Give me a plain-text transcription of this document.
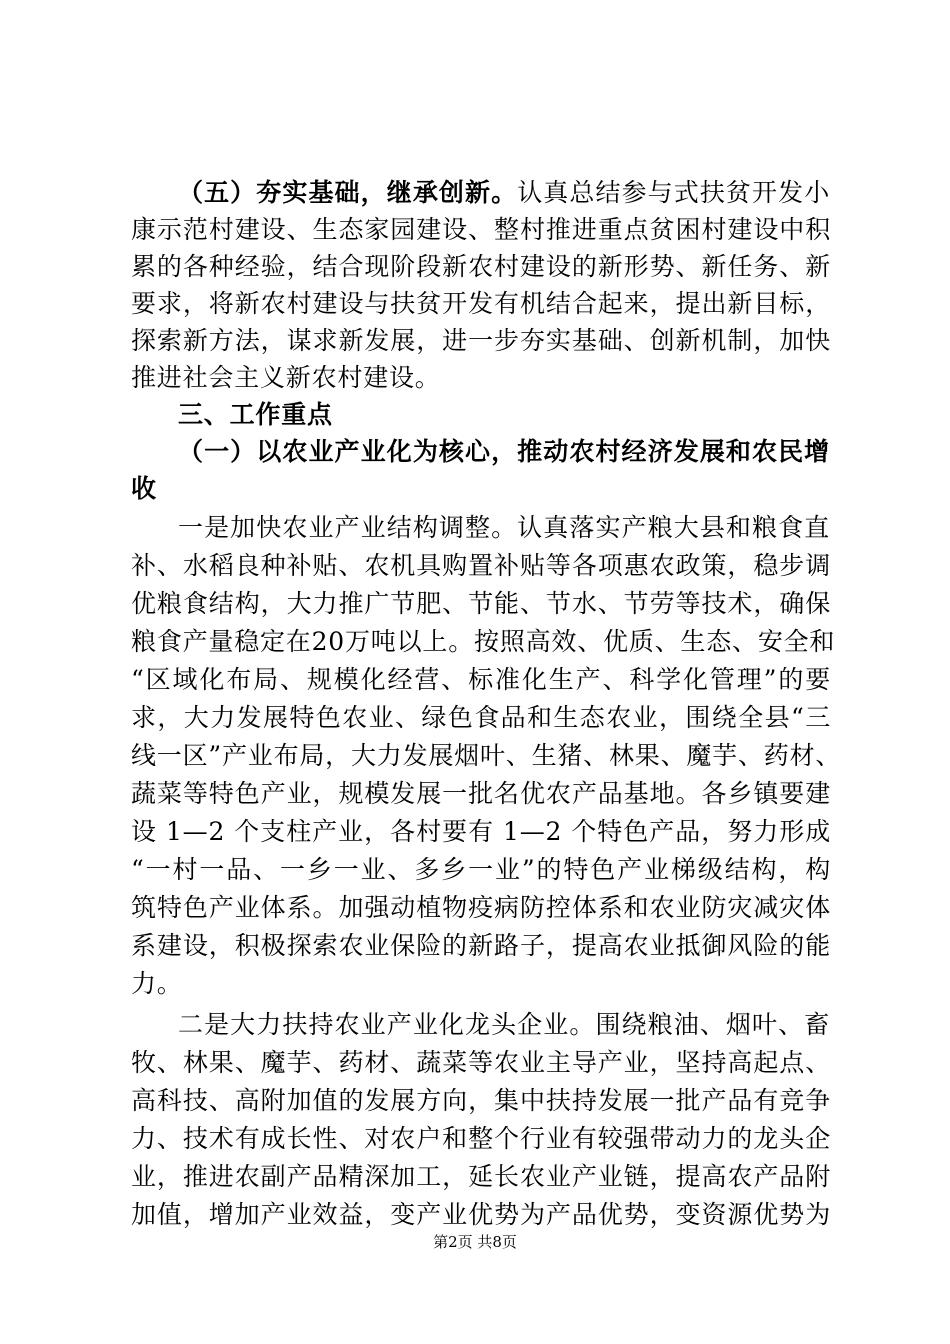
（五）夯实基础，继承创新。认真总结参与式扶贫开发小
康示范村建设、生态家园建设、整村推进重点贫困村建设中积
累的各种经验，结合现阶段新农村建设的新形势、新任务、新
要求，将新农村建设与扶贫开发有机结合起来，提出新目标，
探索新方法，谋求新发展，进一步夯实基础、创新机制，加快
推进社会主义新农村建设。
三、工作重点
（一）以农业产业化为核心，推动农村经济发展和农民增
收
一是加快农业产业结构调整。认真落实产粮大县和粮食直
补、水稻良种补贴、农机具购置补贴等各项惠农政策，稳步调
优粮食结构，大力推广节肥、节能、节水、节劳等技术，确保
粮食产量稳定在20万吨以上。按照高效、优质、生态、安全和
“区域化布局、规模化经营、标准化生产、科学化管理”的要
求，大力发展特色农业、绿色食品和生态农业，围绕全县“三
线一区”产业布局，大力发展烟叶、生猪、林果、魔芋、药材、
蔬菜等特色产业，规模发展一批名优农产品基地。各乡镇要建
设 1—2 个支柱产业，各村要有 1—2 个特色产品，努力形成
“一村一品、一乡一业、多乡一业”的特色产业梯级结构，构
筑特色产业体系。加强动植物疫病防控体系和农业防灾减灾体
系建设，积极探索农业保险的新路子，提高农业抵御风险的能
力。
二是大力扶持农业产业化龙头企业。围绕粮油、烟叶、畜
牧、林果、魔芋、药材、蔬菜等农业主导产业，坚持高起点、
高科技、高附加值的发展方向，集中扶持发展一批产品有竞争
力、技术有成长性、对农户和整个行业有较强带动力的龙头企
业，推进农副产品精深加工，延长农业产业链，提高农产品附
加值，增加产业效益，变产业优势为产品优势，变资源优势为
第2页 共8页
